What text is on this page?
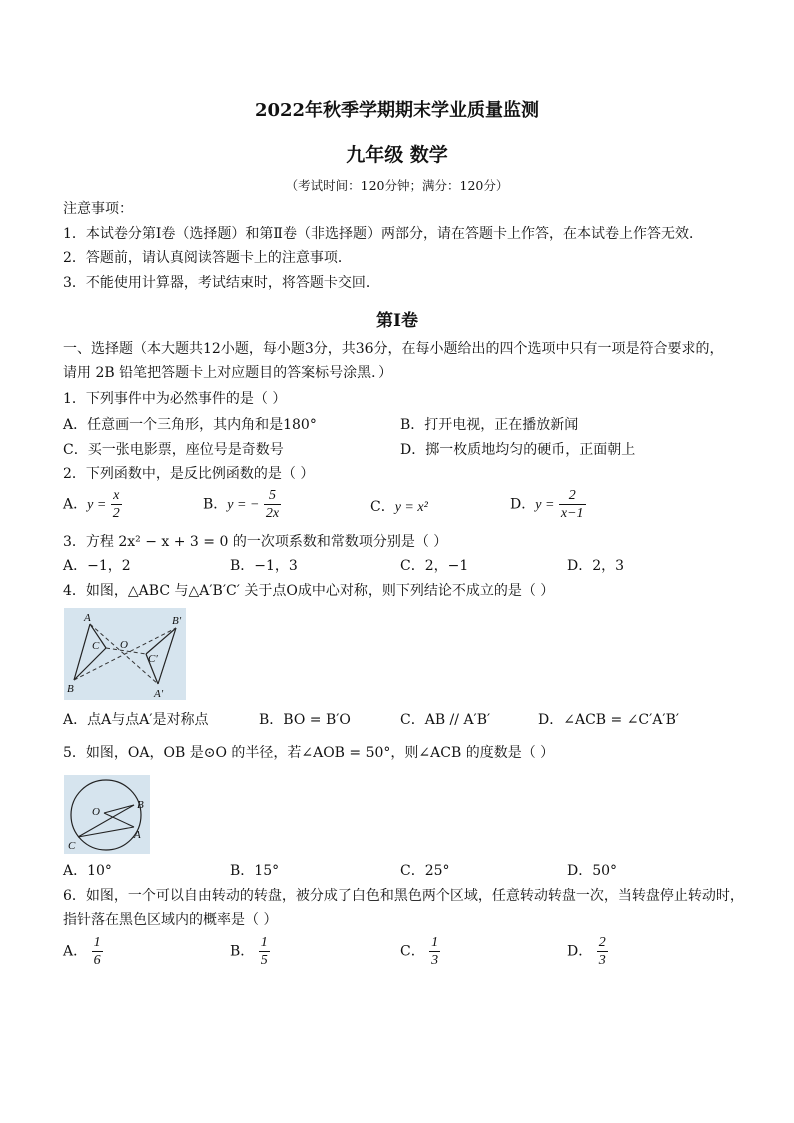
2022年秋季学期期末学业质量监测
九年级 数学
（考试时间：120分钟；满分：120分）
注意事项：
1．本试卷分第Ⅰ卷（选择题）和第Ⅱ卷（非选择题）两部分，请在答题卡上作答，在本试卷上作答无效．
2．答题前，请认真阅读答题卡上的注意事项．
3．不能使用计算器，考试结束时，将答题卡交回．
第Ⅰ卷
一、选择题（本大题共12小题，每小题3分，共36分，在每小题给出的四个选项中只有一项是符合要求的，
请用 2B 铅笔把答题卡上对应题目的答案标号涂黑．）
1．下列事件中为必然事件的是（ ）
A．任意画一个三角形，其内角和是180°	B．打开电视，正在播放新闻
C．买一张电影票，座位号是奇数号	D．掷一枚质地均匀的硬币，正面朝上
2．下列函数中，是反比例函数的是（ ）
A．$y = \frac{x}{2}$	B．y = − $\frac{5}{2x}$	C．y = x²	D．$y = \frac{2}{x-1}$
3．方程 2x² − x + 3 = 0 的一次项系数和常数项分别是（ ）
A．−1，2	B．−1，3	C．2，−1	D．2，3
4．如图，△ABC 与△A′B′C′ 关于点O成中心对称，则下列结论不成立的是（ ）
A
B
C O
B′
C′
A′
A．点A与点A′是对称点	B．BO = B′O	C．AB // A′B′	D．∠ACB = ∠C′A′B′
5．如图，OA，OB 是⊙O 的半径，若∠AOB = 50°，则∠ACB 的度数是（ ）
O
B
A
C
A．10°	B．15°	C．25°	D．50°
6．如图，一个可以自由转动的转盘，被分成了白色和黑色两个区域，任意转动转盘一次，当转盘停止转动时，
指针落在黑色区域内的概率是（ ）
A． $\frac{1}{6}$	B． $\frac{1}{5}$	C． $\frac{1}{3}$	D． $\frac{2}{3}$
